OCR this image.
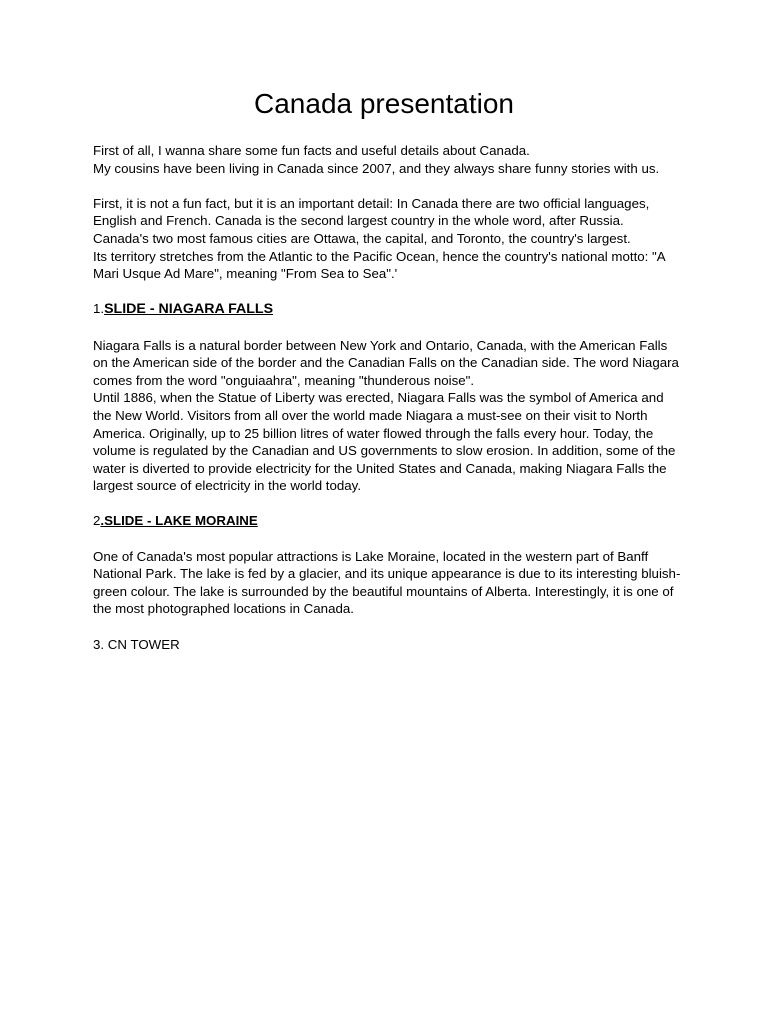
Canada presentation

First of all, I wanna share some fun facts and useful details about Canada.

My cousins have been living in Canada since 2007, and they always share funny stories with us.

First, it is not a fun fact, but it is an important detail: In Canada there are two official languages, English and French. Canada is the second largest country in the whole word, after Russia. Canada's two most famous cities are Ottawa, the capital, and Toronto, the country's largest.

Its territory stretches from the Atlantic to the Pacific Ocean, hence the country's national motto: "A Mari Usque Ad Mare", meaning "From Sea to Sea".'

1.SLIDE - NIAGARA FALLS

Niagara Falls is a natural border between New York and Ontario, Canada, with the American Falls on the American side of the border and the Canadian Falls on the Canadian side. The word Niagara comes from the word "onguiaahra", meaning "thunderous noise".

Until 1886, when the Statue of Liberty was erected, Niagara Falls was the symbol of America and the New World. Visitors from all over the world made Niagara a must-see on their visit to North America. Originally, up to 25 billion litres of water flowed through the falls every hour. Today, the volume is regulated by the Canadian and US governments to slow erosion. In addition, some of the water is diverted to provide electricity for the United States and Canada, making Niagara Falls the largest source of electricity in the world today.

2.SLIDE - LAKE MORAINE

One of Canada's most popular attractions is Lake Moraine, located in the western part of Banff National Park. The lake is fed by a glacier, and its unique appearance is due to its interesting bluish-green colour. The lake is surrounded by the beautiful mountains of Alberta. Interestingly, it is one of the most photographed locations in Canada.

3. CN TOWER
